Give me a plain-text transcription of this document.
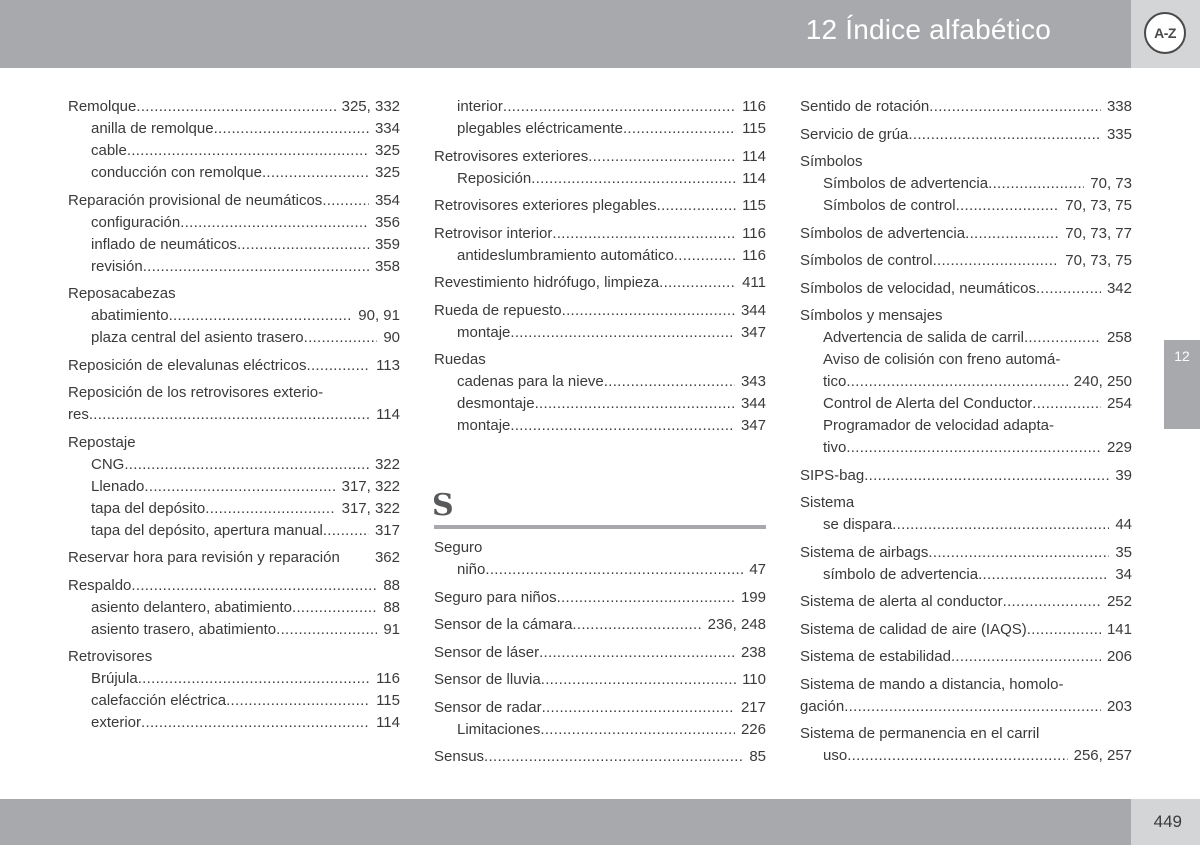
12 Índice alfabético	A-Z
12
Remolque .....	325, 332
anilla de remolque .....	334
cable .....	325
conducción con remolque .....	325
Reparación provisional de neumáticos .....	354
configuración .....	356
inflado de neumáticos .....	359
revisión .....	358
Reposacabezas
abatimiento .....	90, 91
plaza central del asiento trasero .....	90
Reposición de elevalunas eléctricos .....	113
Reposición de los retrovisores exterio-
res .....	114
Repostaje
CNG .....	322
Llenado .....	317, 322
tapa del depósito .....	317, 322
tapa del depósito, apertura manual .....	317
Reservar hora para revisión y reparación	362
Respaldo .....	88
asiento delantero, abatimiento .....	88
asiento trasero, abatimiento .....	91
Retrovisores
Brújula .....	116
calefacción eléctrica .....	115
exterior .....	114
interior .....	116
plegables eléctricamente .....	115
Retrovisores exteriores .....	114
Reposición .....	114
Retrovisores exteriores plegables .....	115
Retrovisor interior .....	116
antideslumbramiento automático .....	116
Revestimiento hidrófugo, limpieza .....	411
Rueda de repuesto .....	344
montaje .....	347
Ruedas
cadenas para la nieve .....	343
desmontaje .....	344
montaje .....	347
S
Seguro
niño .....	47
Seguro para niños .....	199
Sensor de la cámara .....	236, 248
Sensor de láser .....	238
Sensor de lluvia .....	110
Sensor de radar .....	217
Limitaciones .....	226
Sensus .....	85
Sentido de rotación .....	338
Servicio de grúa .....	335
Símbolos
Símbolos de advertencia .....	70, 73
Símbolos de control .....	70, 73, 75
Símbolos de advertencia .....	70, 73, 77
Símbolos de control .....	70, 73, 75
Símbolos de velocidad, neumáticos .....	342
Símbolos y mensajes
Advertencia de salida de carril .....	258
Aviso de colisión con freno automá-
tico .....	240, 250
Control de Alerta del Conductor .....	254
Programador de velocidad adapta-
tivo .....	229
SIPS-bag .....	39
Sistema
se dispara .....	44
Sistema de airbags .....	35
símbolo de advertencia .....	34
Sistema de alerta al conductor .....	252
Sistema de calidad de aire (IAQS) .....	141
Sistema de estabilidad .....	206
Sistema de mando a distancia, homolo-
gación .....	203
Sistema de permanencia en el carril
uso .....	256, 257
449
